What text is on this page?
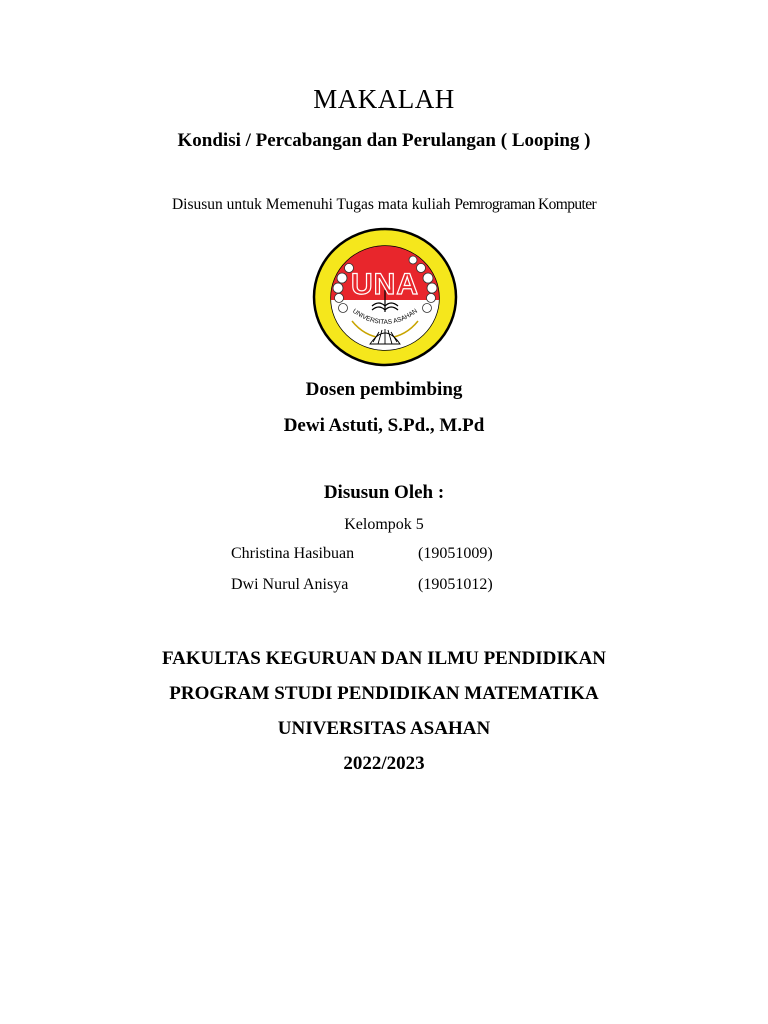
MAKALAH
Kondisi / Percabangan dan Perulangan ( Looping )
Disusun untuk Memenuhi Tugas mata kuliah Pemrograman Komputer
UNA
UNIVERSITAS ASAHAN
Dosen pembimbing
Dewi Astuti, S.Pd., M.Pd
Disusun Oleh :
Kelompok 5
Christina Hasibuan	(19051009)
Dwi Nurul Anisya	(19051012)
FAKULTAS KEGURUAN DAN ILMU PENDIDIKAN
PROGRAM STUDI PENDIDIKAN MATEMATIKA
UNIVERSITAS ASAHAN
2022/2023
